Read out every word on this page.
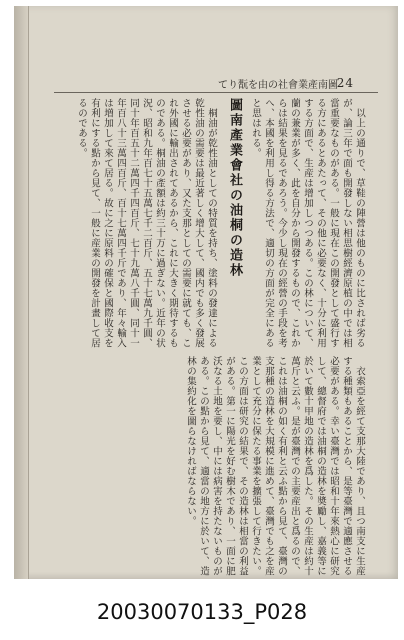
24
てり翫を由の社會業產南圖
以上の通りで、草鞋の陣營は他のものに比されば劣るが、論三年で面も開發しない相思樹經濟原植の中では相當重要なものがある。一般に現在この開發として盛行する方にあるとあたって、その他に必要なく、十分に利用する方面で、生産は增加しつつある。この林について、蘭の兼業が多く、此を自分から開發するもので、これからは結果を見るであろう。今少し現在の經營の手段を考へ、本國を利用し得る方法で、適切の方面が完全にあると思はれる。
圖南產業會社の油桐の造林
桐油が乾性油としての特質を持ち、塗料の發達による乾性油の需要は最近著しく增大して、國内でも多く發展させる必要があり、又た支那としての需要に就ても、これ外國に輸出されてあるから、これに大きく期待するものである。桐油の產額は約三十万に過ぎない。近年の状況、昭和九年百七十五萬七千二百斤、五十七萬九千圓、同十年百五十二萬四千四百斤、七十九萬八千圓、同十一年百八十三萬四百斤、百十七萬四千斤であり、年々輸入は増加して來て居る。故に之に原料の確保と國際收支を有利にする點から見て、一般に産業の開發を計畫して居るのである。
衣索亞を經て支那大陸であり、且つ南支に生産する種類もあることから、是等臺灣で適應させる必要がある。幸い臺灣では昭和十年來熱心に研究して、總督府では油桐の造林を奬勵し、嘉義等に於いて數十甲地の造林を爲した。その生産は約十萬斤と云ふ。是が臺灣での主要産出と爲るので、これは油桐の如く有利と云ふ點から見て、臺灣の支那種の造林を大規模に進めて、臺灣でも之を産業として充分に保たる事業を擴張して行きたい。この方面は研究の結果で、その造林は相當の利益がある。第一に陽光を好む樹木であり、一面に肥沃なる土地を要し、中には病害を持たないものがある。この點から見て、適當の地方に於いて、造林の集約化を圖らなければならない。
20030070133_P028
